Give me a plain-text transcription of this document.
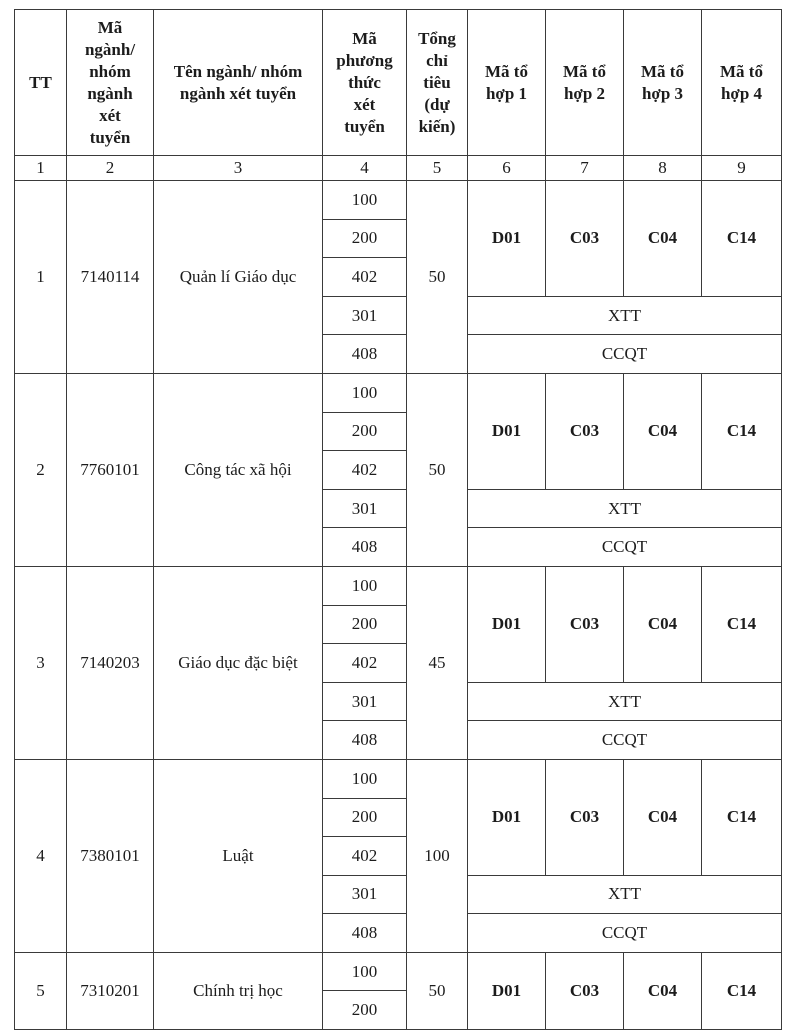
TT	Mã
ngành/
nhóm
ngành
xét
tuyển	Tên ngành/ nhóm
ngành xét tuyển	Mã
phương
thức
xét
tuyển	Tổng
chỉ
tiêu
(dự
kiến)	Mã tổ
hợp 1	Mã tổ
hợp 2	Mã tổ
hợp 3	Mã tổ
hợp 4
1	2	3	4	5	6	7	8	9
1	7140114	Quản lí Giáo dục	100	50	D01	C03	C04	C14
			200					
			402					
			301		XTT			
			408		CCQT			
2	7760101	Công tác xã hội	100	50	D01	C03	C04	C14
			200					
			402					
			301		XTT			
			408		CCQT			
3	7140203	Giáo dục đặc biệt	100	45	D01	C03	C04	C14
			200					
			402					
			301		XTT			
			408		CCQT			
4	7380101	Luật	100	100	D01	C03	C04	C14
			200					
			402					
			301		XTT			
			408		CCQT			
5	7310201	Chính trị học	100	50	D01	C03	C04	C14
			200					
